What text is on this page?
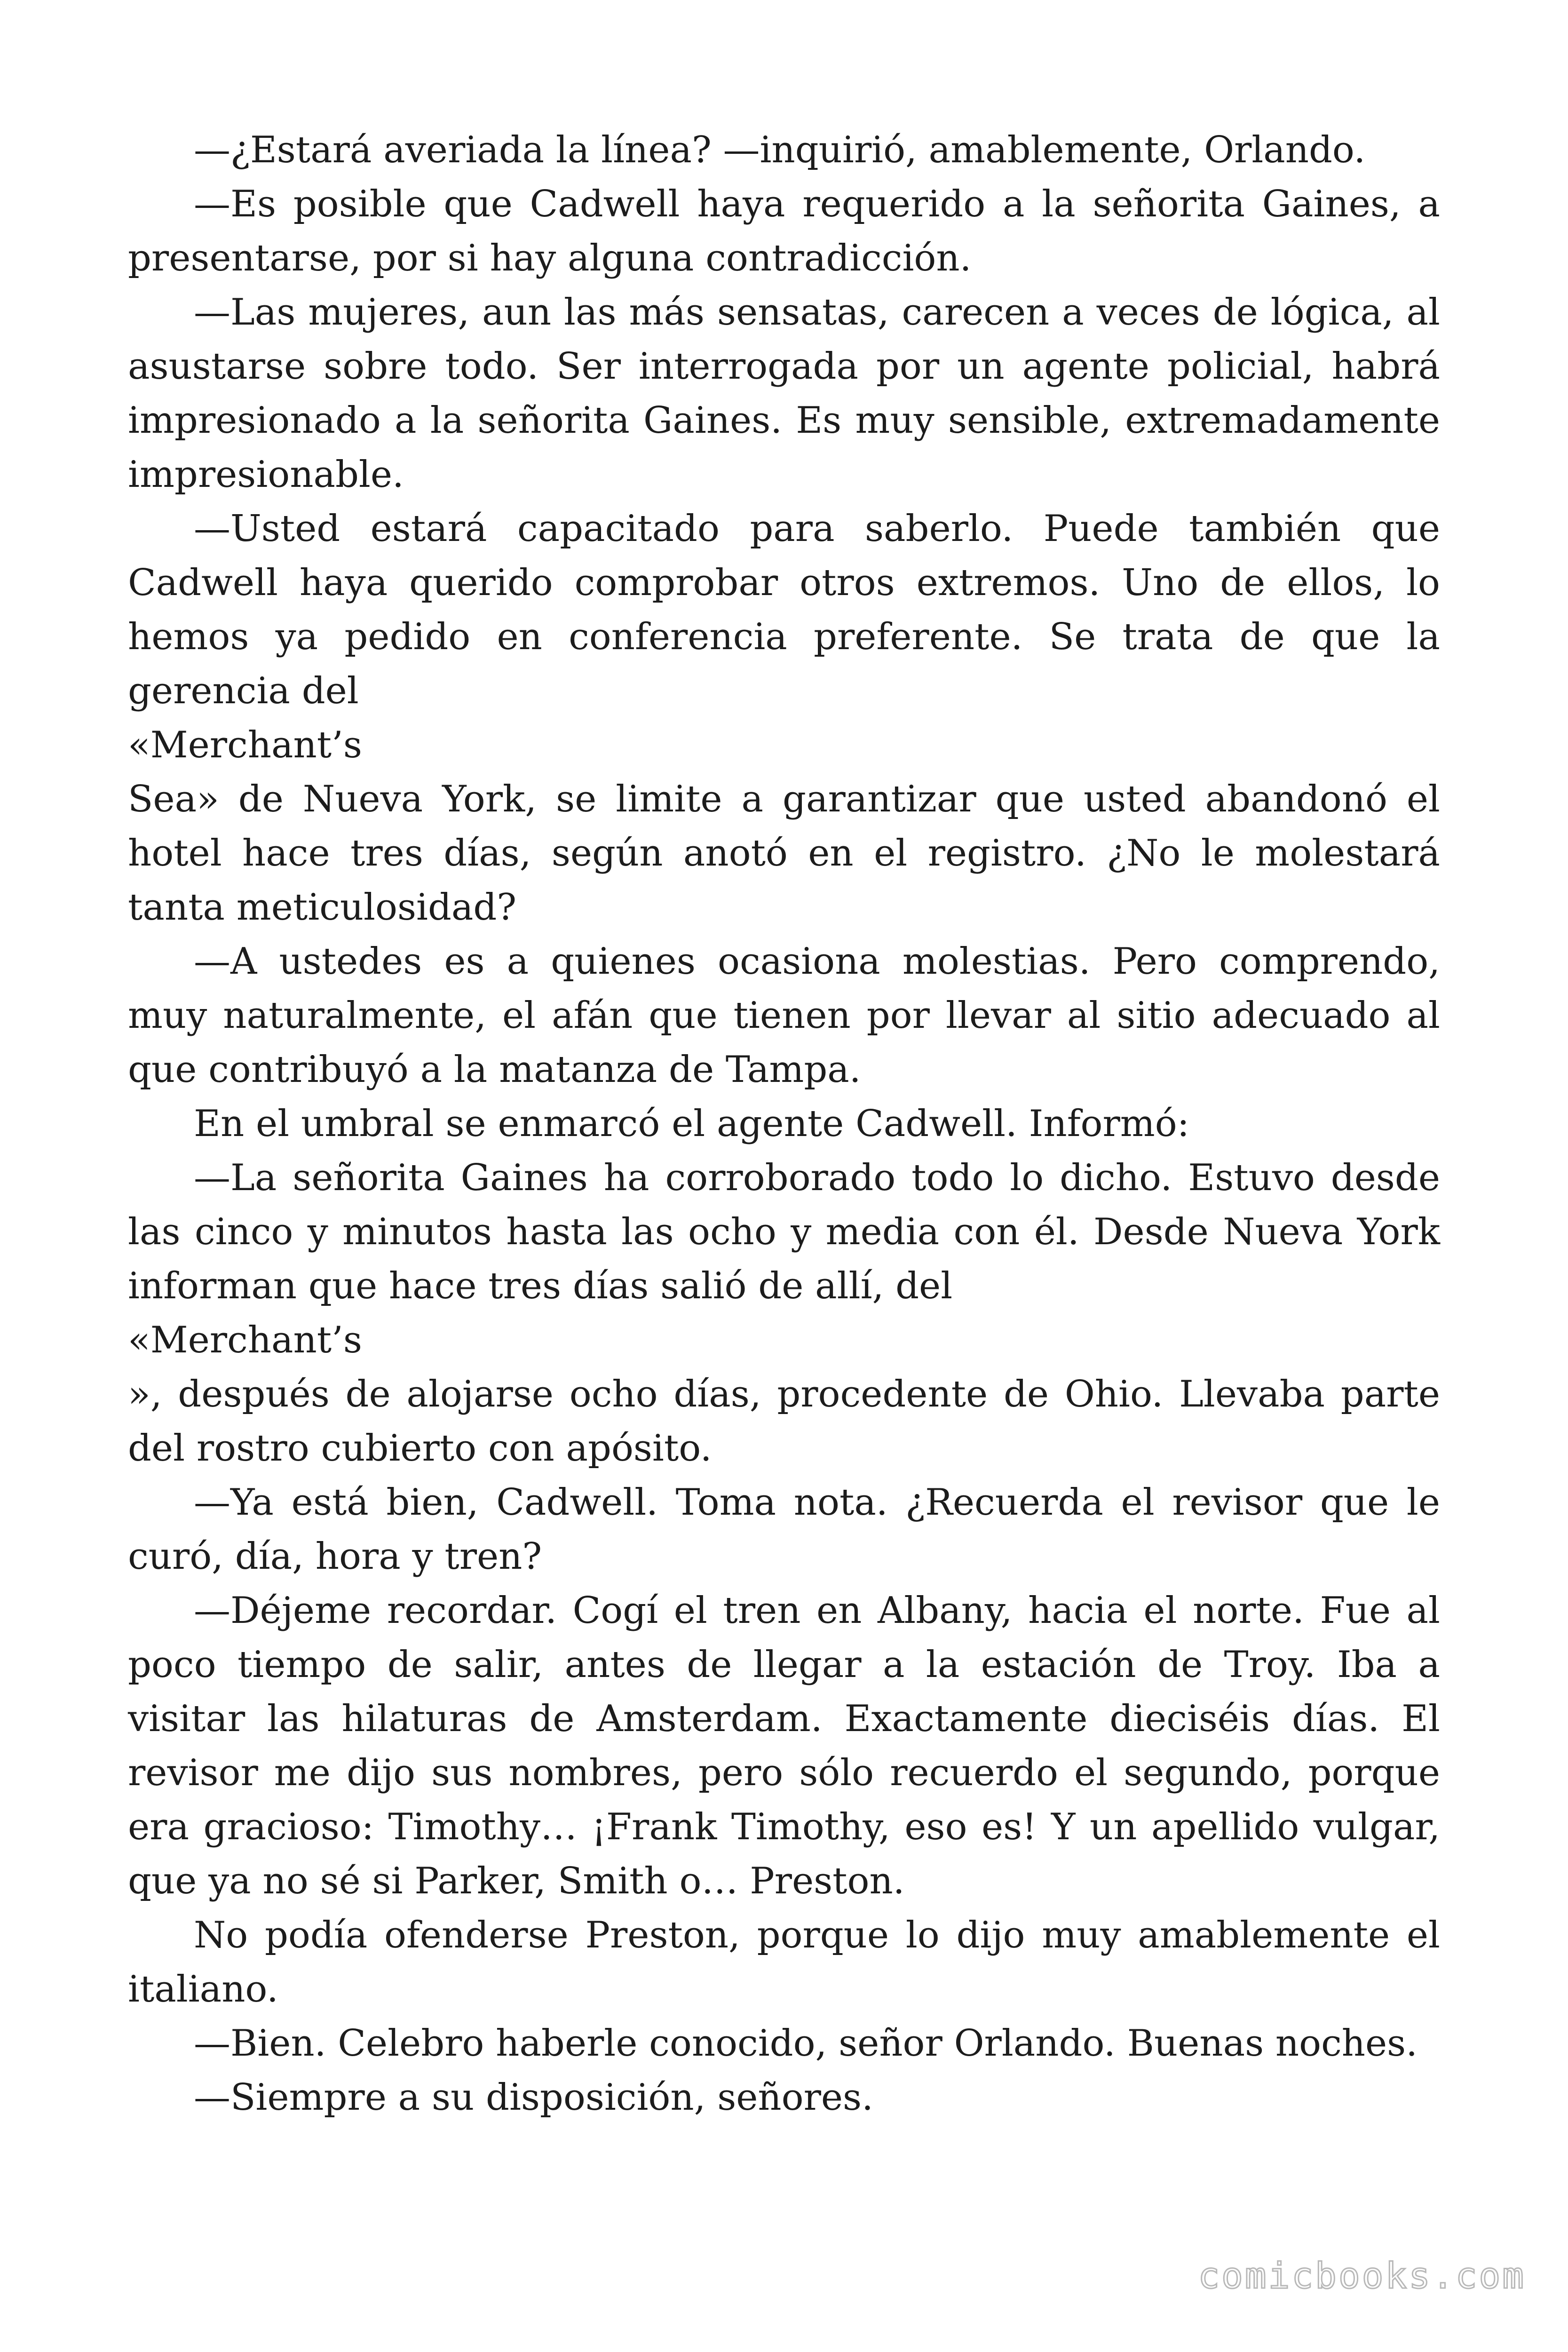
—¿Estará averiada la línea? —inquirió, amablemente, Orlando.

—Es posible que Cadwell haya requerido a la señorita Gaines, a presentarse, por si hay alguna contradicción.

—Las mujeres, aun las más sensatas, carecen a veces de lógica, al asustarse sobre todo. Ser interrogada por un agente policial, habrá impresionado a la señorita Gaines. Es muy sensible, extremadamente impresionable.

—Usted estará capacitado para saberlo. Puede también que Cadwell haya querido comprobar otros extremos. Uno de ellos, lo hemos ya pedido en conferencia preferente. Se trata de que la gerencia del

«Merchant’s

Sea» de Nueva York, se limite a garantizar que usted abandonó el hotel hace tres días, según anotó en el registro. ¿No le molestará tanta meticulosidad?

—A ustedes es a quienes ocasiona molestias. Pero comprendo, muy naturalmente, el afán que tienen por llevar al sitio adecuado al que contribuyó a la matanza de Tampa.

En el umbral se enmarcó el agente Cadwell. Informó:

—La señorita Gaines ha corroborado todo lo dicho. Estuvo desde las cinco y minutos hasta las ocho y media con él. Desde Nueva York informan que hace tres días salió de allí, del

«Merchant’s

», después de alojarse ocho días, procedente de Ohio. Llevaba parte del rostro cubierto con apósito.

—Ya está bien, Cadwell. Toma nota. ¿Recuerda el revisor que le curó, día, hora y tren?

—Déjeme recordar. Cogí el tren en Albany, hacia el norte. Fue al poco tiempo de salir, antes de llegar a la estación de Troy. Iba a visitar las hilaturas de Amsterdam. Exactamente dieciséis días. El revisor me dijo sus nombres, pero sólo recuerdo el segundo, porque era gracioso: Timothy… ¡Frank Timothy, eso es! Y un apellido vulgar, que ya no sé si Parker, Smith o… Preston.

No podía ofenderse Preston, porque lo dijo muy amablemente el italiano.

—Bien. Celebro haberle conocido, señor Orlando. Buenas noches.

—Siempre a su disposición, señores.

comicbooks.com
